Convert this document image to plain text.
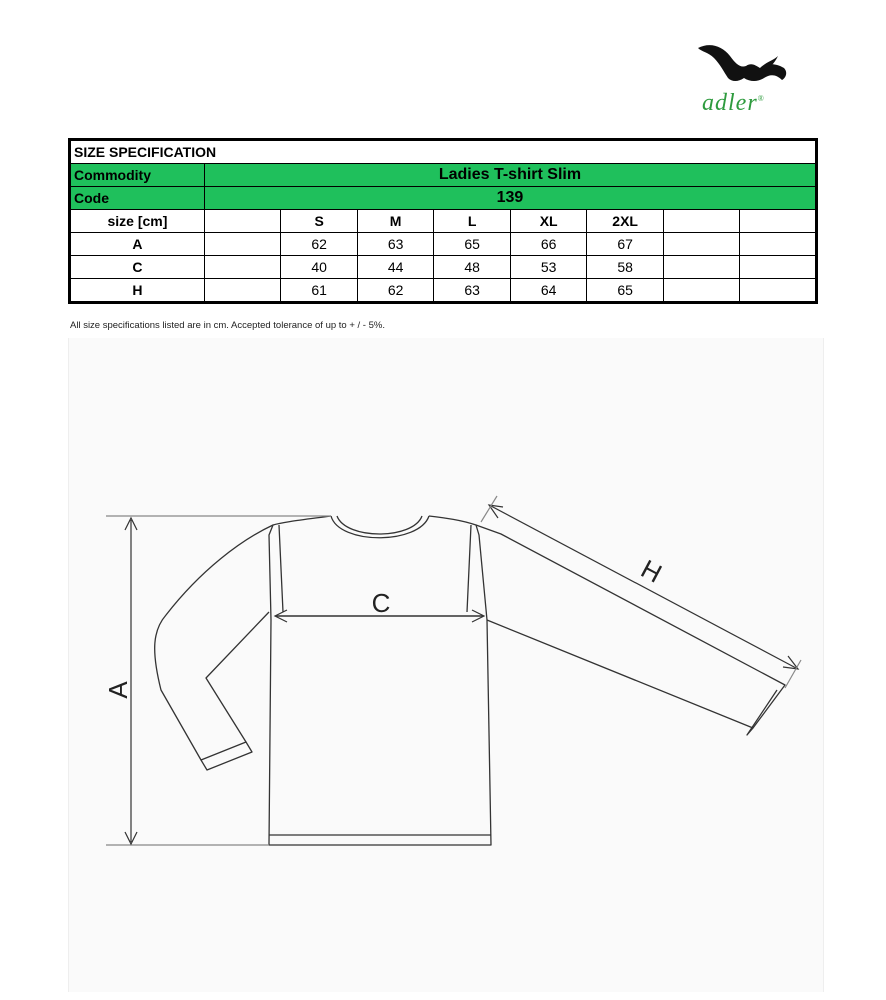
adler®
SIZE SPECIFICATION								
Commodity	Ladies T-shirt Slim							
Code	139							
size [cm]		S	M	L	XL	2XL		
A		62	63	65	66	67		
C		40	44	48	53	58		
H		61	62	63	64	65		
All size specifications listed are in cm. Accepted tolerance of up to + / - 5%.
A
C
H
